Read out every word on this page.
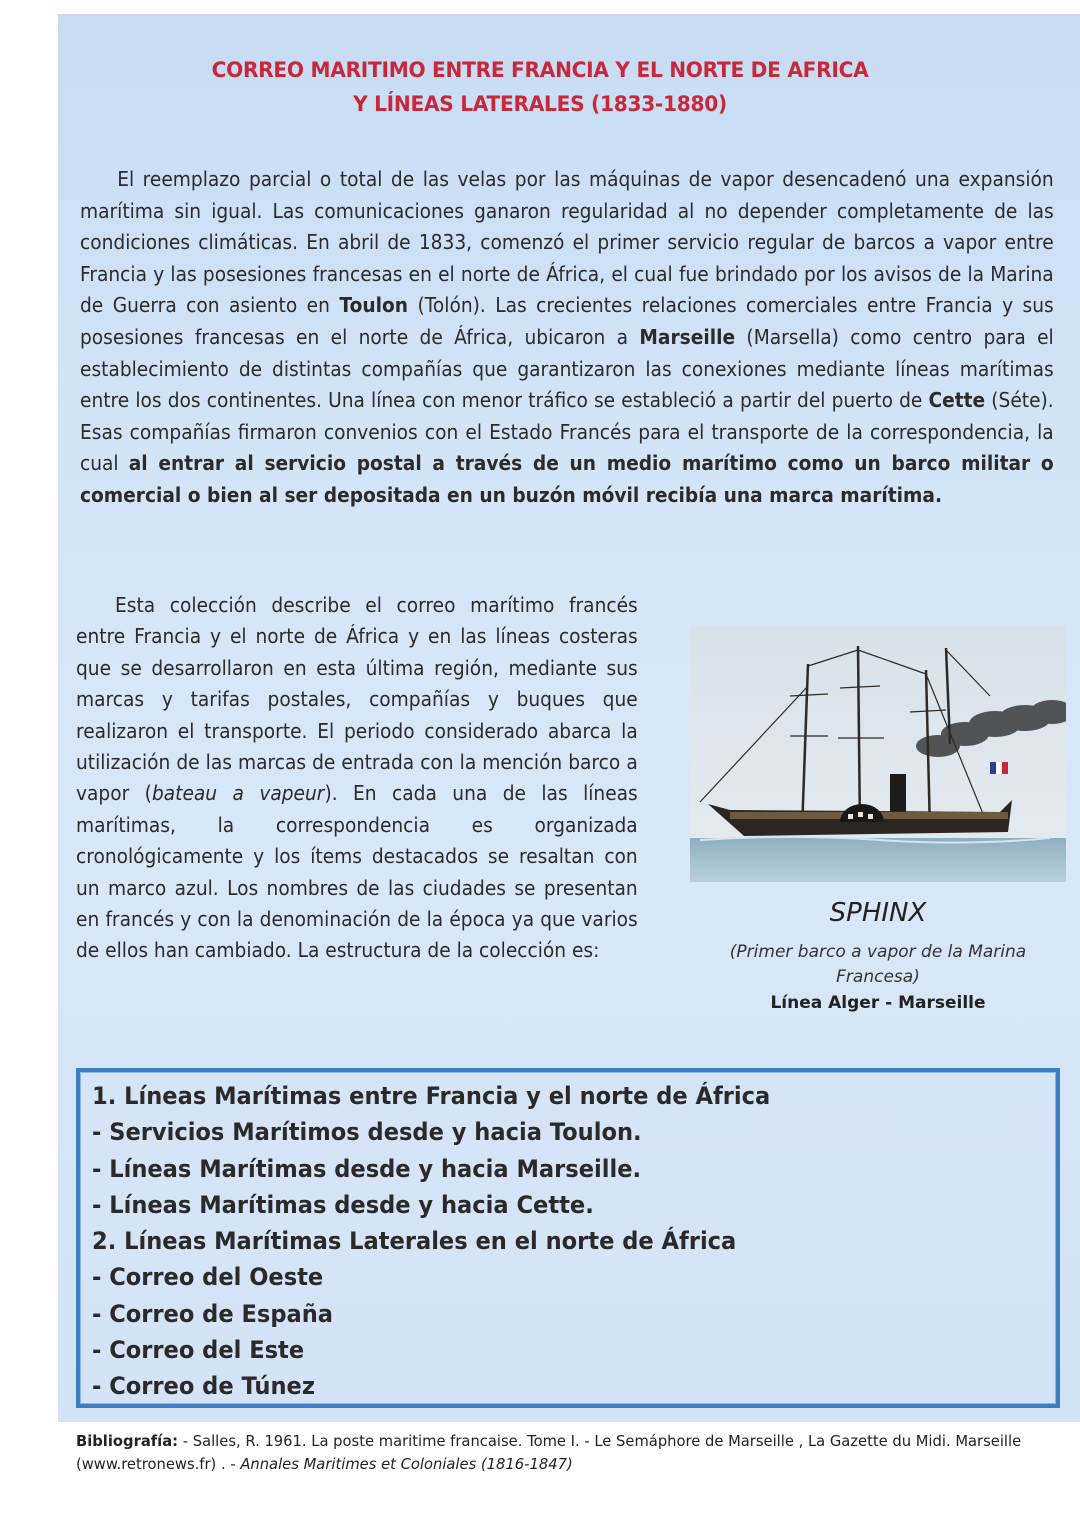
CORREO MARITIMO ENTRE FRANCIA Y EL NORTE DE AFRICA
Y LÍNEAS LATERALES (1833-1880)
El reemplazo parcial o total de las velas por las máquinas de vapor desencadenó una expansión marítima sin igual. Las comunicaciones ganaron regularidad al no depender completamente de las condiciones climáticas. En abril de 1833, comenzó el primer servicio regular de barcos a vapor entre Francia y las posesiones francesas en el norte de África, el cual fue brindado por los avisos de la Marina de Guerra con asiento en Toulon (Tolón). Las crecientes relaciones comerciales entre Francia y sus posesiones francesas en el norte de África, ubicaron a Marseille (Marsella) como centro para el establecimiento de distintas compañías que garantizaron las conexiones mediante líneas marítimas entre los dos continentes. Una línea con menor tráfico se estableció a partir del puerto de Cette (Séte). Esas compañías firmaron convenios con el Estado Francés para el transporte de la correspondencia, la cual al entrar al servicio postal a través de un medio marítimo como un barco militar o comercial o bien al ser depositada en un buzón móvil recibía una marca marítima.
Esta colección describe el correo marítimo francés entre Francia y el norte de África y en las líneas costeras que se desarrollaron en esta última región, mediante sus marcas y tarifas postales, compañías y buques que realizaron el transporte. El periodo considerado abarca la utilización de las marcas de entrada con la mención barco a vapor (bateau a vapeur). En cada una de las líneas marítimas, la correspondencia es organizada cronológicamente y los ítems destacados se resaltan con un marco azul. Los nombres de las ciudades se presentan en francés y con la denominación de la época ya que varios de ellos han cambiado. La estructura de la colección es:
SPHINX
(Primer barco a vapor de la Marina Francesa)
Línea Alger - Marseille
1. Líneas Marítimas entre Francia y el norte de África
- Servicios Marítimos desde y hacia Toulon.
- Líneas Marítimas desde y hacia Marseille.
- Líneas Marítimas desde y hacia Cette.
2. Líneas Marítimas Laterales en el norte de África
- Correo del Oeste
- Correo de España
- Correo del Este
- Correo de Túnez
Bibliografía: - Salles, R. 1961. La poste maritime francaise. Tome I. - Le Semáphore de Marseille , La Gazette du Midi. Marseille (www.retronews.fr) . - Annales Maritimes et Coloniales (1816-1847)
